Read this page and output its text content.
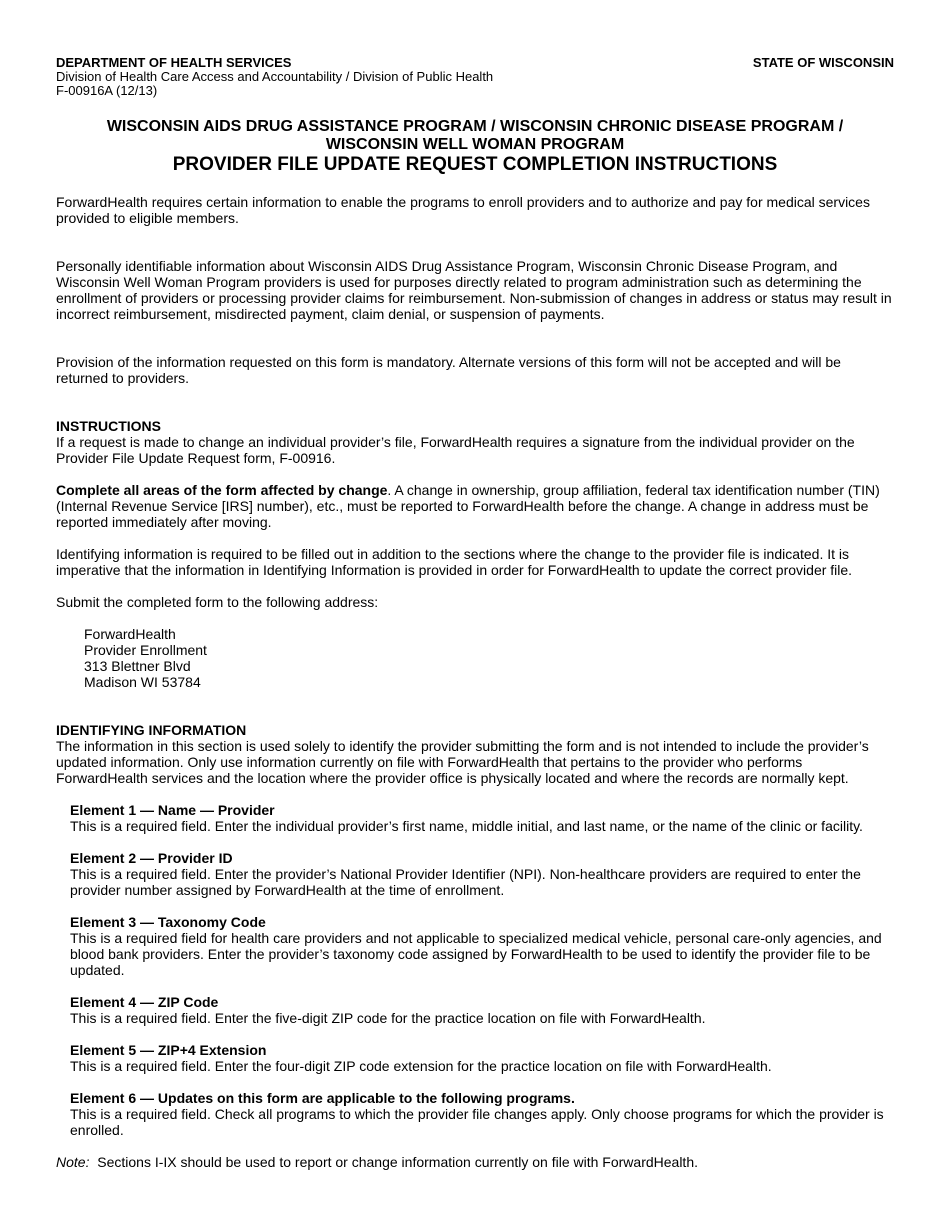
DEPARTMENT OF HEALTH SERVICES	STATE OF WISCONSIN
Division of Health Care Access and Accountability / Division of Public Health
F-00916A (12/13)
WISCONSIN AIDS DRUG ASSISTANCE PROGRAM / WISCONSIN CHRONIC DISEASE PROGRAM /
WISCONSIN WELL WOMAN PROGRAM
PROVIDER FILE UPDATE REQUEST COMPLETION INSTRUCTIONS

ForwardHealth requires certain information to enable the programs to enroll providers and to authorize and pay for medical services provided to eligible members.

Personally identifiable information about Wisconsin AIDS Drug Assistance Program, Wisconsin Chronic Disease Program, and Wisconsin Well Woman Program providers is used for purposes directly related to program administration such as determining the enrollment of providers or processing provider claims for reimbursement. Non-submission of changes in address or status may result in incorrect reimbursement, misdirected payment, claim denial, or suspension of payments.

Provision of the information requested on this form is mandatory. Alternate versions of this form will not be accepted and will be returned to providers.

INSTRUCTIONS

If a request is made to change an individual provider’s file, ForwardHealth requires a signature from the individual provider on the Provider File Update Request form, F-00916.

Complete all areas of the form affected by change. A change in ownership, group affiliation, federal tax identification number (TIN) (Internal Revenue Service [IRS] number), etc., must be reported to ForwardHealth before the change. A change in address must be reported immediately after moving.

Identifying information is required to be filled out in addition to the sections where the change to the provider file is indicated. It is imperative that the information in Identifying Information is provided in order for ForwardHealth to update the correct provider file.

Submit the completed form to the following address:

ForwardHealth
Provider Enrollment
313 Blettner Blvd
Madison WI 53784
IDENTIFYING INFORMATION

The information in this section is used solely to identify the provider submitting the form and is not intended to include the provider’s updated information. Only use information currently on file with ForwardHealth that pertains to the provider who performs ForwardHealth services and the location where the provider office is physically located and where the records are normally kept.

Element 1 — Name — Provider
This is a required field. Enter the individual provider’s first name, middle initial, and last name, or the name of the clinic or facility.
Element 2 — Provider ID
This is a required field. Enter the provider’s National Provider Identifier (NPI). Non-healthcare providers are required to enter the provider number assigned by ForwardHealth at the time of enrollment.
Element 3 — Taxonomy Code
This is a required field for health care providers and not applicable to specialized medical vehicle, personal care-only agencies, and blood bank providers. Enter the provider’s taxonomy code assigned by ForwardHealth to be used to identify the provider file to be updated.
Element 4 — ZIP Code
This is a required field. Enter the five-digit ZIP code for the practice location on file with ForwardHealth.
Element 5 — ZIP+4 Extension
This is a required field. Enter the four-digit ZIP code extension for the practice location on file with ForwardHealth.
Element 6 — Updates on this form are applicable to the following programs.
This is a required field. Check all programs to which the provider file changes apply. Only choose programs for which the provider is enrolled.

Note: Sections I-IX should be used to report or change information currently on file with ForwardHealth.
